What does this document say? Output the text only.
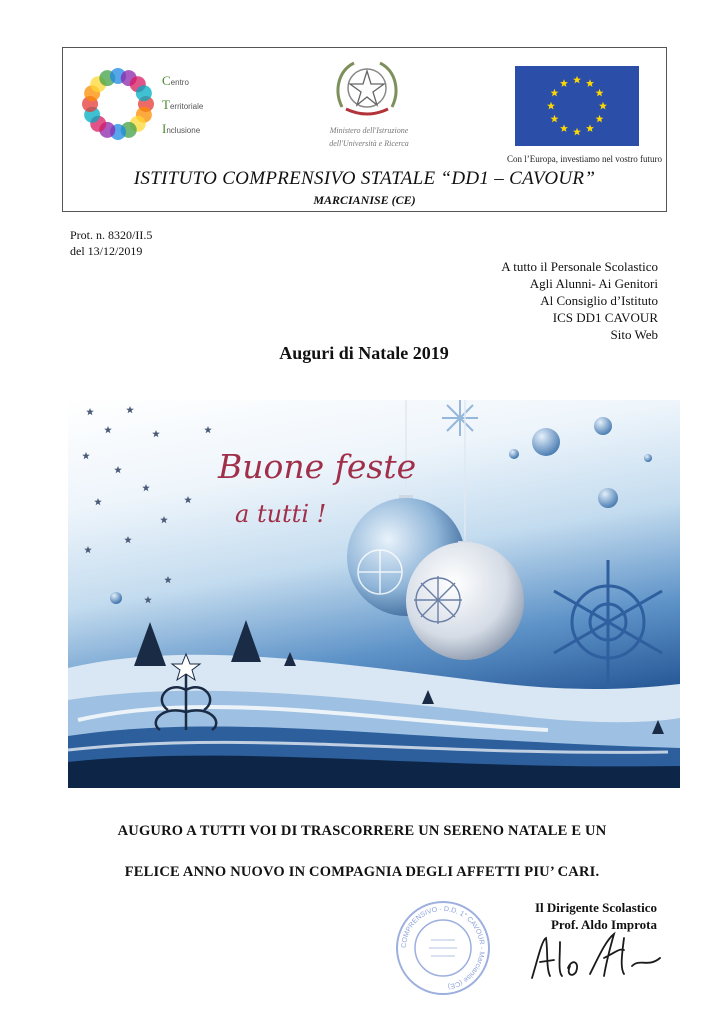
Centro
Territoriale
Inclusione	Ministero dell'Istruzione
dell'Università e Ricerca
Con l’Europa, investiamo nel vostro futuro
ISTITUTO COMPRENSIVO STATALE “DD1 – CAVOUR”
MARCIANISE (CE)
Prot. n. 8320/II.5
del 13/12/2019
A tutto il Personale Scolastico
Agli Alunni- Ai Genitori
Al Consiglio d’Istituto
ICS DD1 CAVOUR
Sito Web
Auguri di Natale 2019
Buone feste
a tutti !
AUGURO A TUTTI VOI DI TRASCORRERE UN SERENO NATALE E UN
FELICE ANNO NUOVO IN COMPAGNIA DEGLI AFFETTI PIU’ CARI.
COMPRENSIVO - D.D. 1° CAVOUR - Marcianise (CE)
Il Dirigente Scolastico
Prof. Aldo Improta
